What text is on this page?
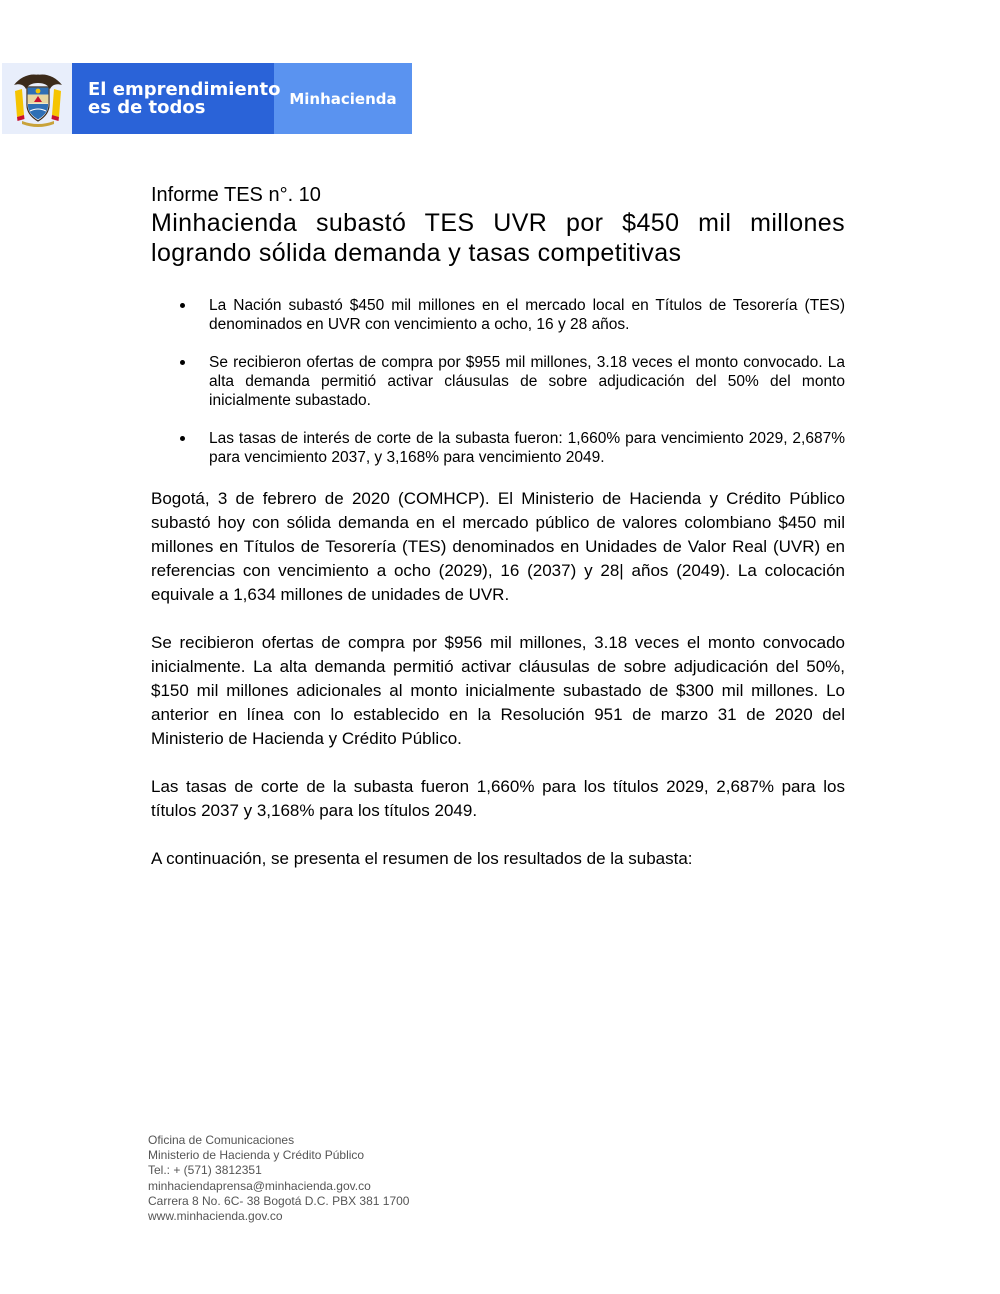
El emprendimiento
es de todos	Minhacienda

Informe TES n°. 10

Minhacienda subastó TES UVR por $450 mil millones logrando sólida demanda y tasas competitivas
La Nación subastó $450 mil millones en el mercado local en Títulos de Tesorería (TES) denominados en UVR con vencimiento a ocho, 16 y 28 años.
Se recibieron ofertas de compra por $955 mil millones, 3.18 veces el monto convocado. La alta demanda permitió activar cláusulas de sobre adjudicación del 50% del monto inicialmente subastado.
Las tasas de interés de corte de la subasta fueron: 1,660% para vencimiento 2029, 2,687% para vencimiento 2037, y 3,168% para vencimiento 2049.

Bogotá, 3 de febrero de 2020 (COMHCP). El Ministerio de Hacienda y Crédito Público subastó hoy con sólida demanda en el mercado público de valores colombiano $450 mil millones en Títulos de Tesorería (TES) denominados en Unidades de Valor Real (UVR) en referencias con vencimiento a ocho (2029), 16 (2037) y 28| años (2049). La colocación equivale a 1,634 millones de unidades de UVR.

Se recibieron ofertas de compra por $956 mil millones, 3.18 veces el monto convocado inicialmente. La alta demanda permitió activar cláusulas de sobre adjudicación del 50%, $150 mil millones adicionales al monto inicialmente subastado de $300 mil millones. Lo anterior en línea con lo establecido en la Resolución 951 de marzo 31 de 2020 del Ministerio de Hacienda y Crédito Público.

Las tasas de corte de la subasta fueron 1,660% para los títulos 2029, 2,687% para los títulos 2037 y 3,168% para los títulos 2049.

A continuación, se presenta el resumen de los resultados de la subasta:

Oficina de Comunicaciones
Ministerio de Hacienda y Crédito Público
Tel.: + (571) 3812351
minhaciendaprensa@minhacienda.gov.co
Carrera 8 No. 6C- 38 Bogotá D.C. PBX 381 1700
www.minhacienda.gov.co
